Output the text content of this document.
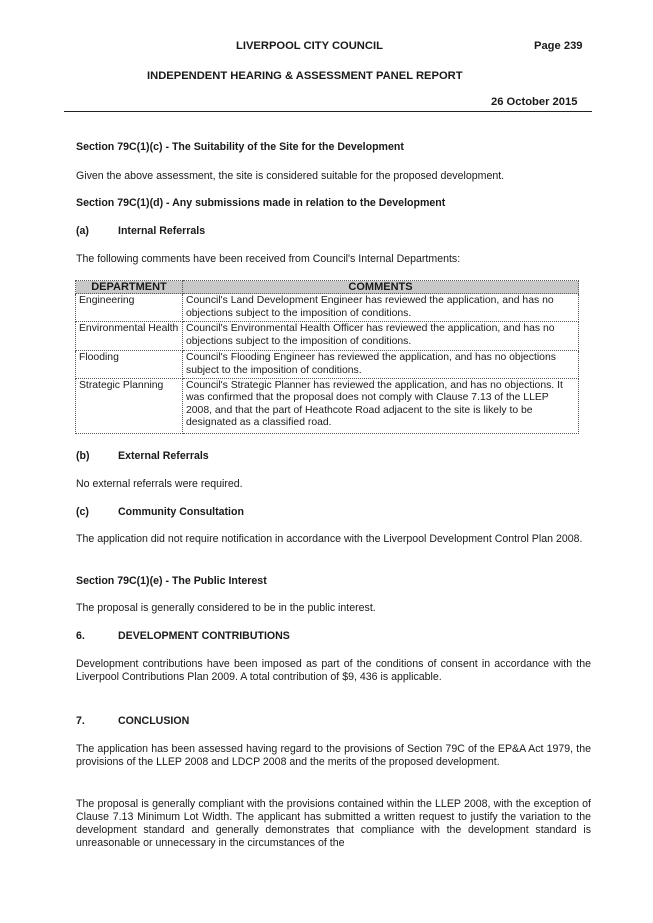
LIVERPOOL CITY COUNCIL	Page 239
INDEPENDENT HEARING & ASSESSMENT PANEL REPORT
26 October 2015
Section 79C(1)(c) - The Suitability of the Site for the Development
Given the above assessment, the site is considered suitable for the proposed development.
Section 79C(1)(d) - Any submissions made in relation to the Development
(a)	Internal Referrals
The following comments have been received from Council's Internal Departments:
DEPARTMENT	COMMENTS
Engineering	Council's Land Development Engineer has reviewed the application, and has no objections subject to the imposition of conditions.
Environmental Health	Council's Environmental Health Officer has reviewed the application, and has no objections subject to the imposition of conditions.
Flooding	Council's Flooding Engineer has reviewed the application, and has no objections subject to the imposition of conditions.
Strategic Planning	Council's Strategic Planner has reviewed the application, and has no objections. It was confirmed that the proposal does not comply with Clause 7.13 of the LLEP 2008, and that the part of Heathcote Road adjacent to the site is likely to be designated as a classified road.
(b)	External Referrals
No external referrals were required.
(c)	Community Consultation
The application did not require notification in accordance with the Liverpool Development Control Plan 2008.
Section 79C(1)(e) - The Public Interest
The proposal is generally considered to be in the public interest.
6.	DEVELOPMENT CONTRIBUTIONS
Development contributions have been imposed as part of the conditions of consent in accordance with the Liverpool Contributions Plan 2009. A total contribution of $9, 436 is applicable.
7.	CONCLUSION
The application has been assessed having regard to the provisions of Section 79C of the EP&A Act 1979, the provisions of the LLEP 2008 and LDCP 2008 and the merits of the proposed development.
The proposal is generally compliant with the provisions contained within the LLEP 2008, with the exception of Clause 7.13 Minimum Lot Width. The applicant has submitted a written request to justify the variation to the development standard and generally demonstrates that compliance with the development standard is unreasonable or unnecessary in the circumstances of the
